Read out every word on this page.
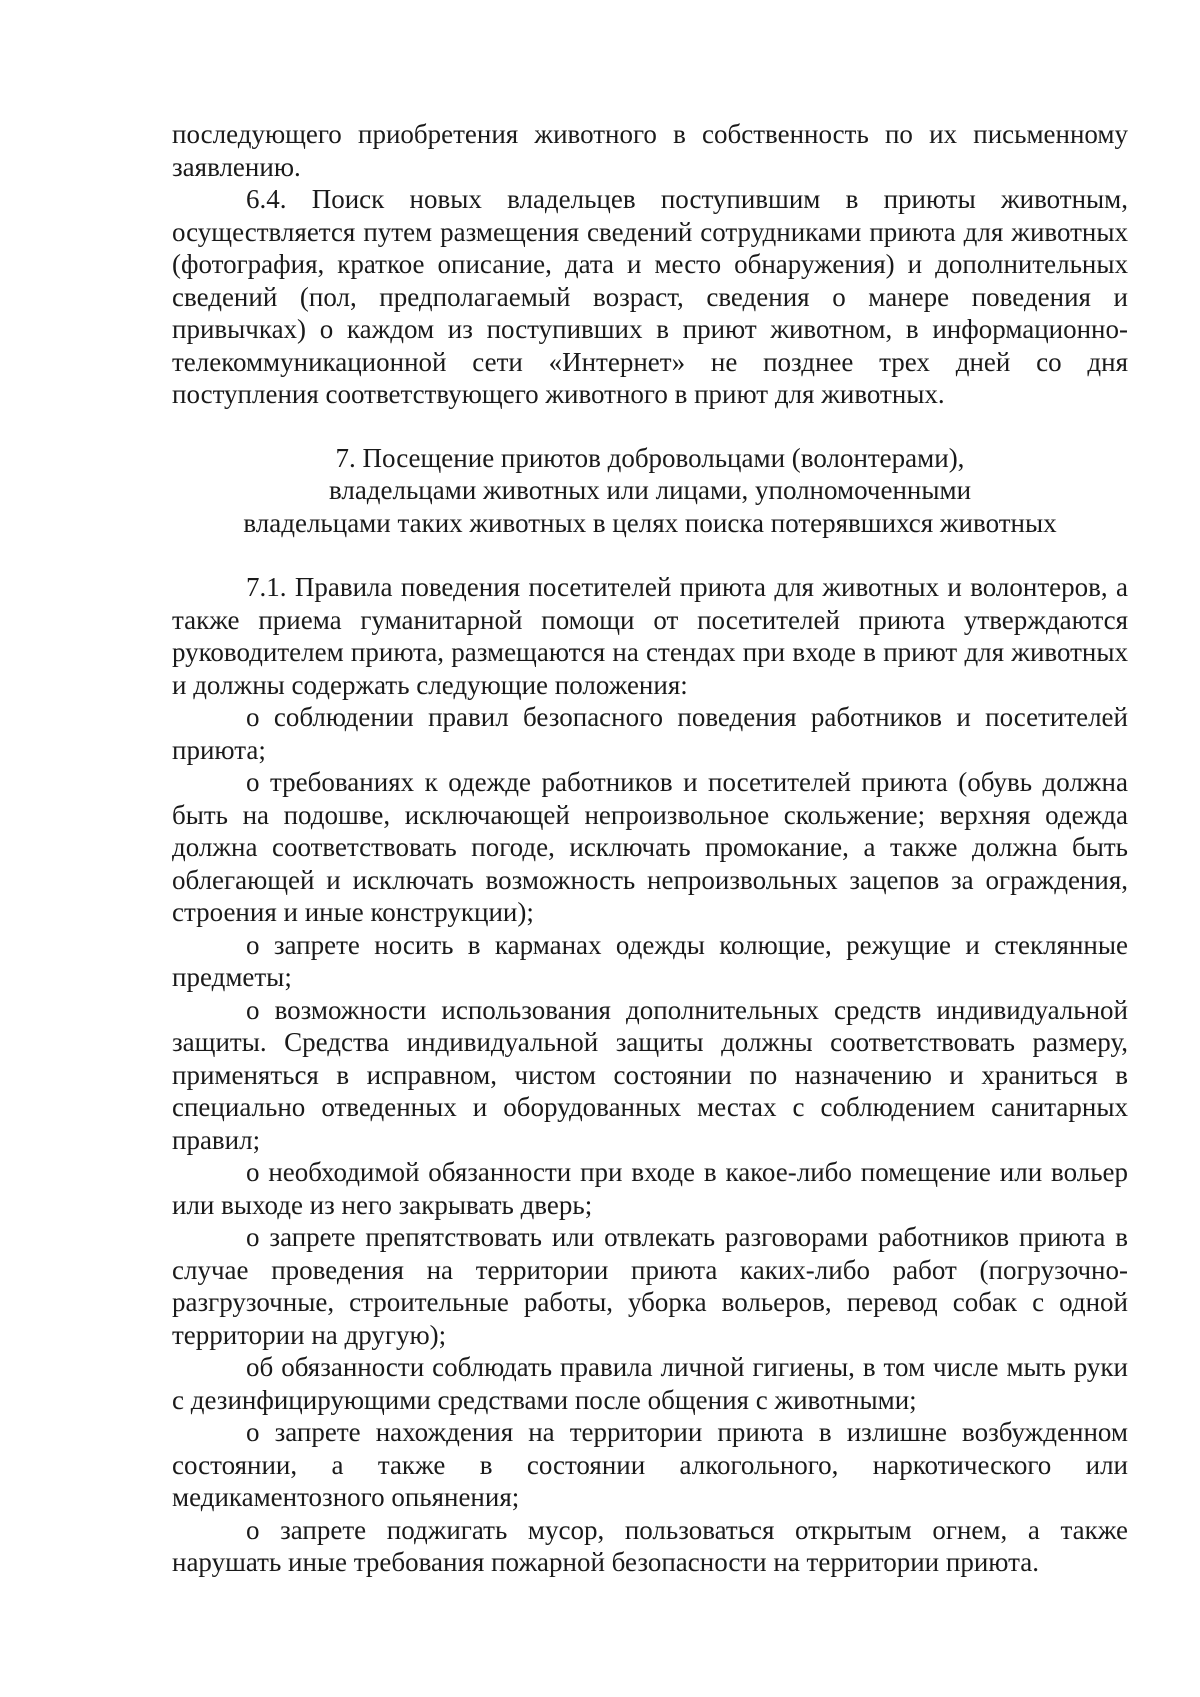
последующего приобретения животного в собственность по их письменному заявлению.

6.4. Поиск новых владельцев поступившим в приюты животным, осуществляется путем размещения сведений сотрудниками приюта для животных (фотография, краткое описание, дата и место обнаружения) и дополнительных сведений (пол, предполагаемый возраст, сведения о манере поведения и привычках) о каждом из поступивших в приют животном, в информационно-телекоммуникационной сети «Интернет» не позднее трех дней со дня поступления соответствующего животного в приют для животных.

7. Посещение приютов добровольцами (волонтерами),
владельцами животных или лицами, уполномоченными
владельцами таких животных в целях поиска потерявшихся животных

7.1. Правила поведения посетителей приюта для животных и волонтеров, а также приема гуманитарной помощи от посетителей приюта утверждаются руководителем приюта, размещаются на стендах при входе в приют для животных и должны содержать следующие положения:

о соблюдении правил безопасного поведения работников и посетителей приюта;

о требованиях к одежде работников и посетителей приюта (обувь должна быть на подошве, исключающей непроизвольное скольжение; верхняя одежда должна соответствовать погоде, исключать промокание, а также должна быть облегающей и исключать возможность непроизвольных зацепов за ограждения, строения и иные конструкции);

о запрете носить в карманах одежды колющие, режущие и стеклянные предметы;

о возможности использования дополнительных средств индивидуальной защиты. Средства индивидуальной защиты должны соответствовать размеру, применяться в исправном, чистом состоянии по назначению и храниться в специально отведенных и оборудованных местах с соблюдением санитарных правил;

о необходимой обязанности при входе в какое-либо помещение или вольер или выходе из него закрывать дверь;

о запрете препятствовать или отвлекать разговорами работников приюта в случае проведения на территории приюта каких-либо работ (погрузочно-разгрузочные, строительные работы, уборка вольеров, перевод собак с одной территории на другую);

об обязанности соблюдать правила личной гигиены, в том числе мыть руки с дезинфицирующими средствами после общения с животными;

о запрете нахождения на территории приюта в излишне возбужденном состоянии, а также в состоянии алкогольного, наркотического или медикаментозного опьянения;

о запрете поджигать мусор, пользоваться открытым огнем, а также нарушать иные требования пожарной безопасности на территории приюта.
